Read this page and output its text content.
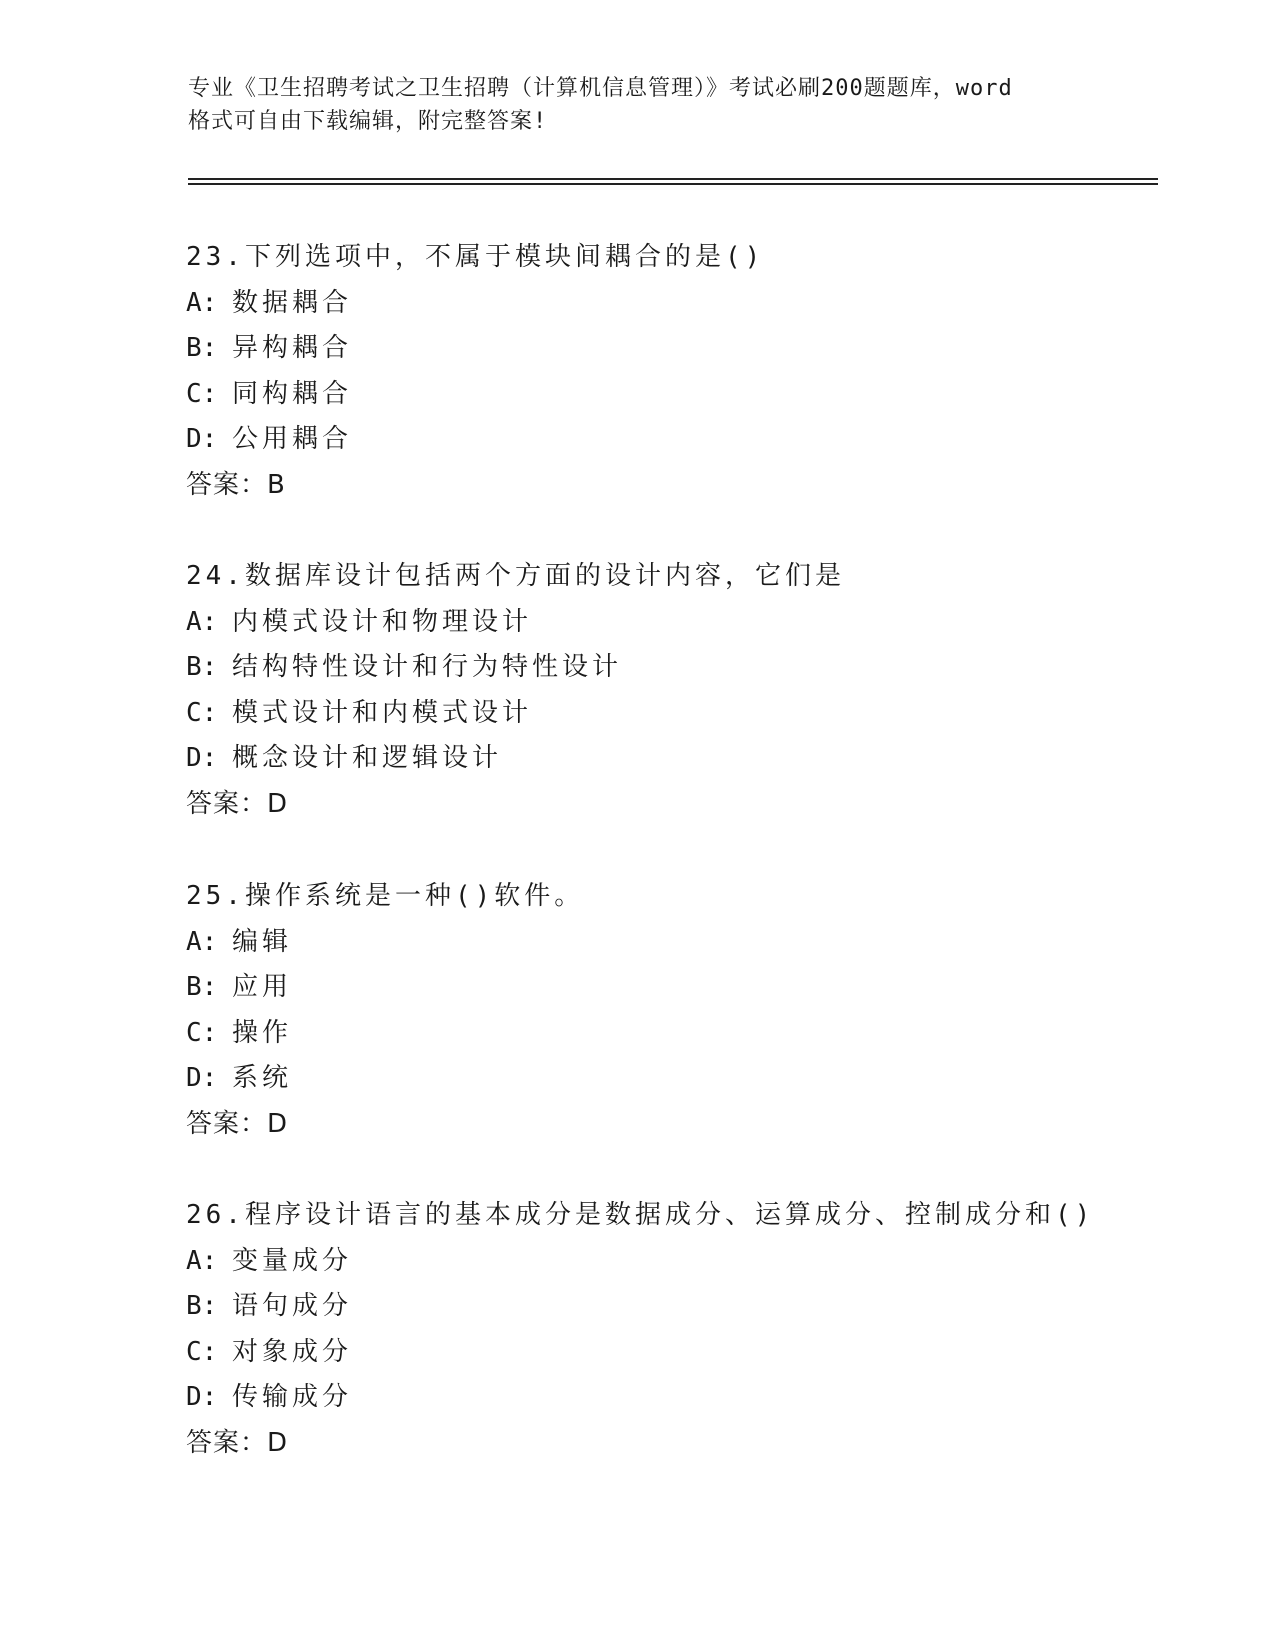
专业《卫生招聘考试之卫生招聘（计算机信息管理）》考试必刷200题题库，word
格式可自由下载编辑，附完整答案!
23.下列选项中，不属于模块间耦合的是()
A: 数据耦合
B: 异构耦合
C: 同构耦合
D: 公用耦合
答案：B
24.数据库设计包括两个方面的设计内容，它们是
A: 内模式设计和物理设计
B: 结构特性设计和行为特性设计
C: 模式设计和内模式设计
D: 概念设计和逻辑设计
答案：D
25.操作系统是一种()软件。
A: 编辑
B: 应用
C: 操作
D: 系统
答案：D
26.程序设计语言的基本成分是数据成分、运算成分、控制成分和()
A: 变量成分
B: 语句成分
C: 对象成分
D: 传输成分
答案：D
